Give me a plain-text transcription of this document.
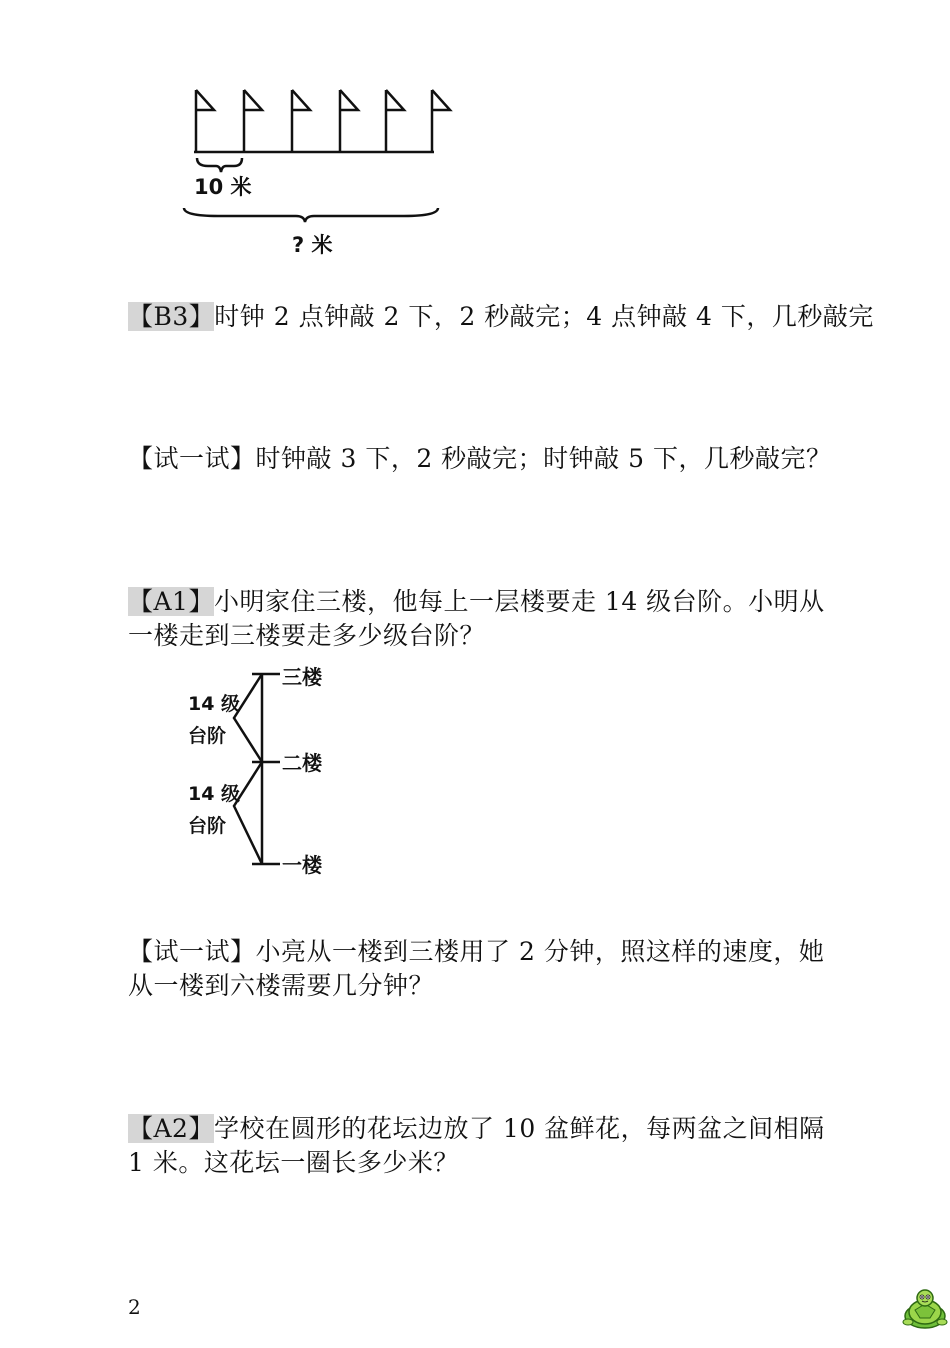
10 米
? 米
【B3】时钟 2 点钟敲 2 下，2 秒敲完；4 点钟敲 4 下，几秒敲完
【试一试】时钟敲 3 下，2 秒敲完；时钟敲 5 下，几秒敲完？
【A1】小明家住三楼，他每上一层楼要走 14 级台阶。小明从
一楼走到三楼要走多少级台阶？
三楼
二楼
一楼
14 级
台阶
14 级
台阶
【试一试】小亮从一楼到三楼用了 2 分钟，照这样的速度，她
从一楼到六楼需要几分钟？
【A2】学校在圆形的花坛边放了 10 盆鲜花，每两盆之间相隔
1 米。这花坛一圈长多少米？
2
